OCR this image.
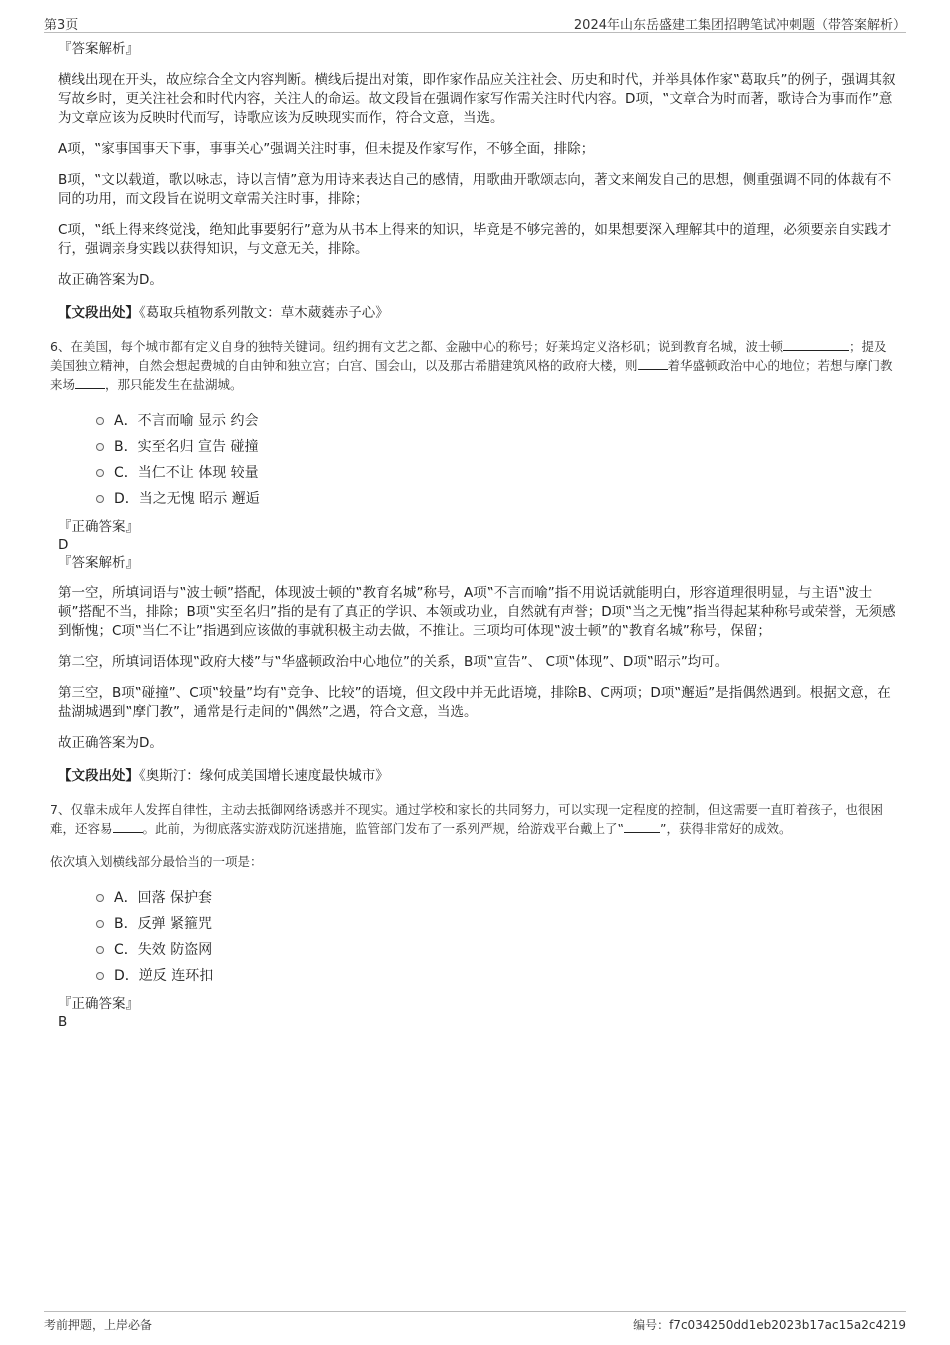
第3页	2024年山东岳盛建工集团招聘笔试冲刺题（带答案解析）
『答案解析』

横线出现在开头，故应综合全文内容判断。横线后提出对策，即作家作品应关注社会、历史和时代，并举具体作家‟葛取兵”的例子，强调其叙写故乡时，更关注社会和时代内容，关注人的命运。故文段旨在强调作家写作需关注时代内容。D项，‟文章合为时而著，歌诗合为事而作”意为文章应该为反映时代而写，诗歌应该为反映现实而作，符合文意，当选。

A项，‟家事国事天下事，事事关心”强调关注时事，但未提及作家写作，不够全面，排除；

B项，‟文以载道，歌以咏志，诗以言情”意为用诗来表达自己的感情，用歌曲开歌颂志向，著文来阐发自己的思想，侧重强调不同的体裁有不同的功用，而文段旨在说明文章需关注时事，排除；

C项，‟纸上得来终觉浅，绝知此事要躬行”意为从书本上得来的知识，毕竟是不够完善的，如果想要深入理解其中的道理，必须要亲自实践才行，强调亲身实践以获得知识，与文意无关，排除。

故正确答案为D。

【文段出处】《葛取兵植物系列散文：草木葳蕤赤子心》

6、在美国，每个城市都有定义自身的独特关键词。纽约拥有文艺之都、金融中心的称号；好莱坞定义洛杉矶；说到教育名城，波士顿	；提及美国独立精神，自然会想起费城的自由钟和独立宫；白宫、国会山，以及那古希腊建筑风格的政府大楼，则 着华盛顿政治中心的地位；若想与摩门教来场 ，那只能发生在盐湖城。

A．不言而喻 显示 约会
B．实至名归 宣告 碰撞
C．当仁不让 体现 较量
D．当之无愧 昭示 邂逅
『正确答案』
D
『答案解析』

第一空，所填词语与‟波士顿”搭配，体现波士顿的‟教育名城”称号，A项‟不言而喻”指不用说话就能明白，形容道理很明显，与主语‟波士顿”搭配不当，排除；B项‟实至名归”指的是有了真正的学识、本领或功业，自然就有声誉；D项‟当之无愧”指当得起某种称号或荣誉，无须感到惭愧；C项‟当仁不让”指遇到应该做的事就积极主动去做，不推让。三项均可体现‟波士顿”的‟教育名城”称号，保留；

第二空，所填词语体现‟政府大楼”与‟华盛顿政治中心地位”的关系，B项‟宣告”、 C项‟体现”、D项‟昭示”均可。

第三空，B项‟碰撞”、C项‟较量”均有‟竞争、比较”的语境，但文段中并无此语境，排除B、C两项；D项‟邂逅”是指偶然遇到。根据文意，在盐湖城遇到‟摩门教”，通常是行走间的‟偶然”之遇，符合文意，当选。

故正确答案为D。

【文段出处】《奥斯汀：缘何成美国增长速度最快城市》

7、仅靠未成年人发挥自律性，主动去抵御网络诱惑并不现实。通过学校和家长的共同努力，可以实现一定程度的控制，但这需要一直盯着孩子，也很困难，还容易 。此前，为彻底落实游戏防沉迷措施，监管部门发布了一系列严规，给游戏平台戴上了‟	”，获得非常好的成效。

依次填入划横线部分最恰当的一项是：

A．回落 保护套
B．反弹 紧箍咒
C．失效 防盗网
D．逆反 连环扣
『正确答案』
B
考前押题，上岸必备	编号：f7c034250dd1eb2023b17ac15a2c4219
